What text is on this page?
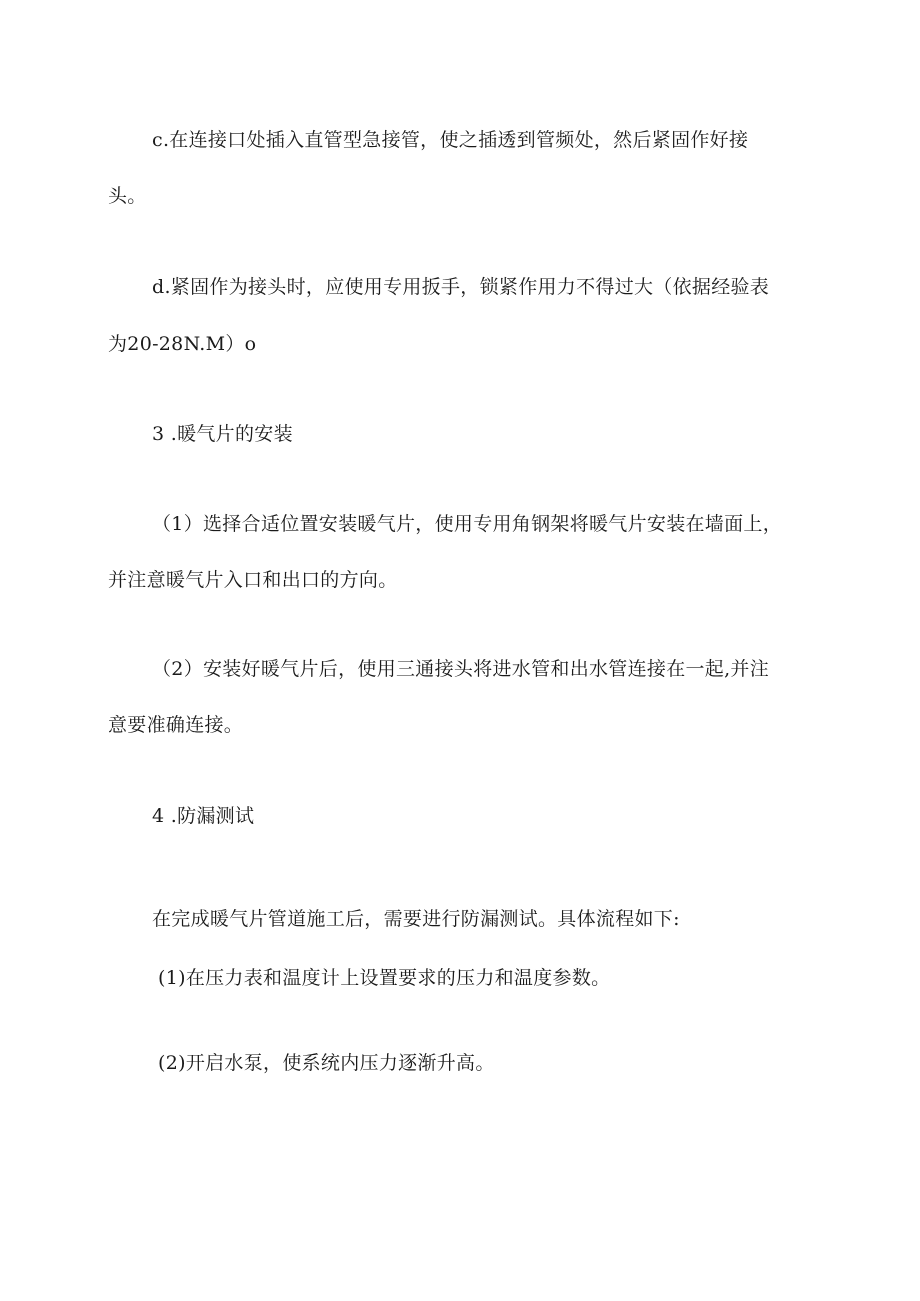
c.在连接口处插入直管型急接管，使之插透到管频处，然后紧固作好接
头。
d.紧固作为接头时，应使用专用扳手，锁紧作用力不得过大（依据经验表
为20-28N.M）o
3 .暖气片的安装
（1）选择合适位置安装暖气片，使用专用角钢架将暖气片安装在墙面上，
并注意暖气片入口和出口的方向。
（2）安装好暖气片后，使用三通接头将进水管和出水管连接在一起,并注
意要准确连接。
4 .防漏测试
在完成暖气片管道施工后，需要进行防漏测试。具体流程如下:
(1)在压力表和温度计上设置要求的压力和温度参数。
(2)开启水泵，使系统内压力逐渐升高。
